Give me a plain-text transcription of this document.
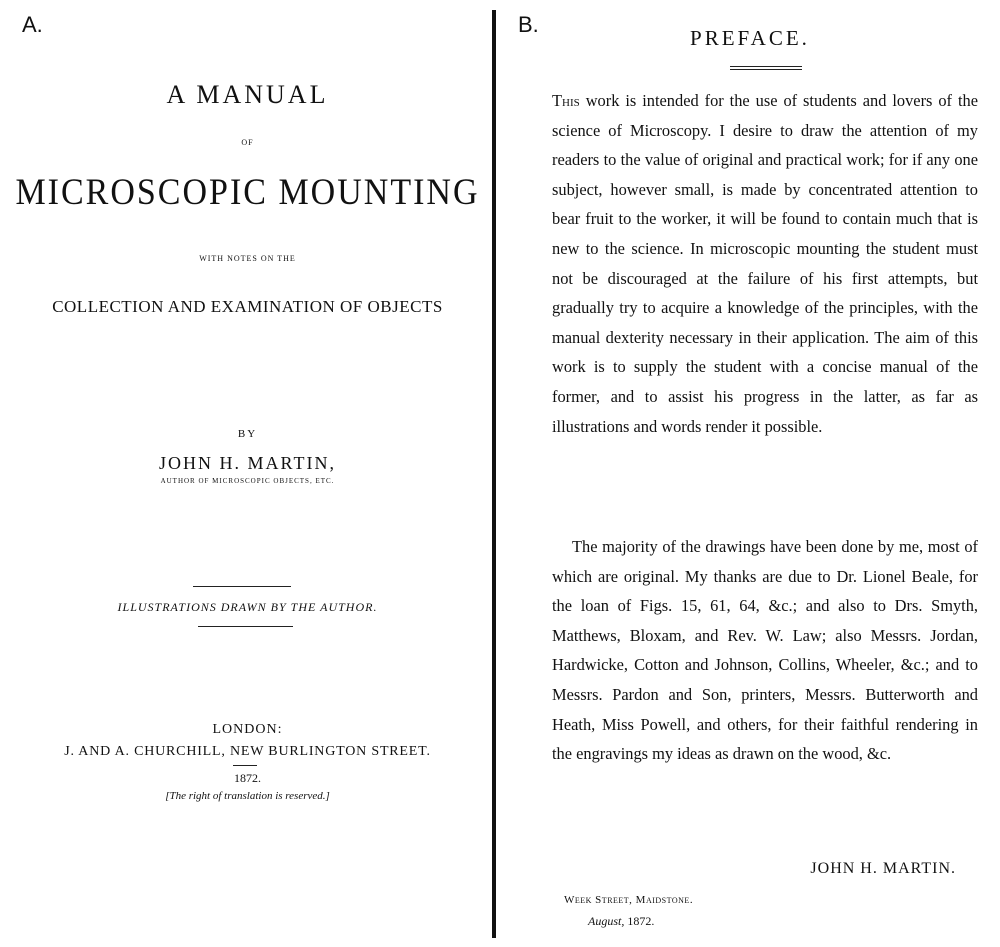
A.	B.
A MANUAL
OF
MICROSCOPIC MOUNTING
WITH NOTES ON THE
COLLECTION AND EXAMINATION OF OBJECTS
BY
JOHN H. MARTIN,
AUTHOR OF MICROSCOPIC OBJECTS, ETC.
ILLUSTRATIONS DRAWN BY THE AUTHOR.
LONDON:
J. AND A. CHURCHILL, NEW BURLINGTON STREET.
1872.
[The right of translation is reserved.]
PREFACE.
This work is intended for the use of students and lovers of the science of Microscopy. I desire to draw the attention of my readers to the value of original and practical work; for if any one subject, however small, is made by concentrated attention to bear fruit to the worker, it will be found to contain much that is new to the science. In microscopic mounting the student must not be discouraged at the failure of his first attempts, but gradually try to acquire a knowledge of the principles, with the manual dexterity necessary in their application. The aim of this work is to supply the student with a concise manual of the former, and to assist his progress in the latter, as far as illustrations and words render it possible.
The majority of the drawings have been done by me, most of which are original. My thanks are due to Dr. Lionel Beale, for the loan of Figs. 15, 61, 64, &c.; and also to Drs. Smyth, Matthews, Bloxam, and Rev. W. Law; also Messrs. Jordan, Hardwicke, Cotton and Johnson, Collins, Wheeler, &c.; and to Messrs. Pardon and Son, printers, Messrs. Butterworth and Heath, Miss Powell, and others, for their faithful rendering in the engravings my ideas as drawn on the wood, &c.
JOHN H. MARTIN.
Week Street, Maidstone.
August, 1872.
